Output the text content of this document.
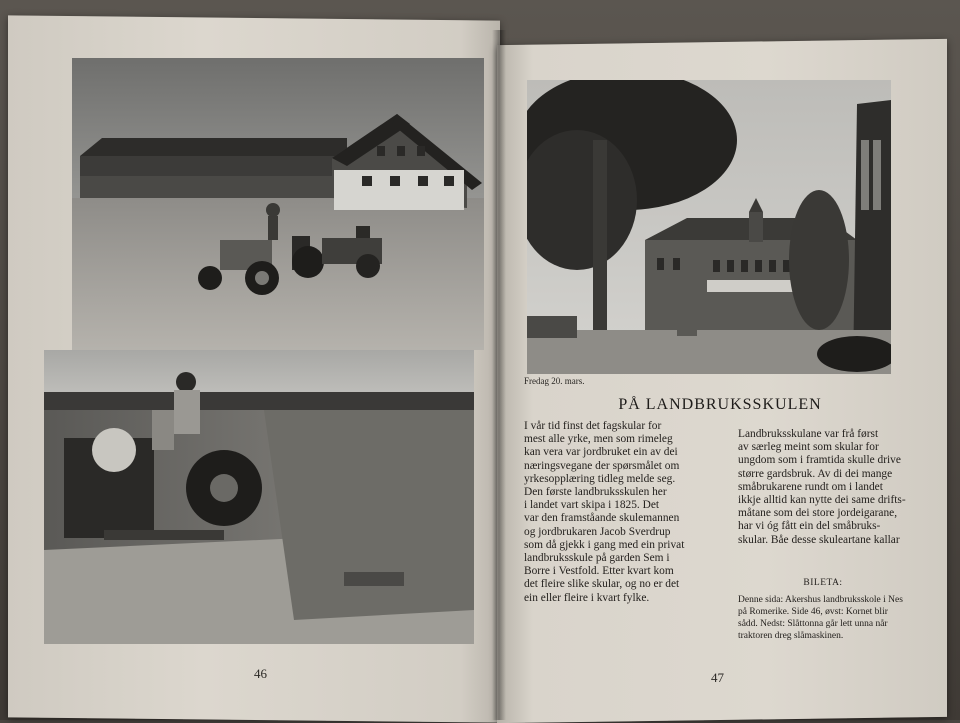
46	47
Fredag 20. mars.
PÅ LANDBRUKSSKULEN
I vår tid finst det fagskular for
mest alle yrke, men som rimeleg
kan vera var jordbruket ein av dei
næringsvegane der spørsmålet om
yrkesopplæring tidleg melde seg.
Den første landbruksskulen her
i landet vart skipa i 1825. Det
var den framståande skulemannen
og jordbrukaren Jacob Sverdrup
som då gjekk i gang med ein privat
landbruksskule på garden Sem i
Borre i Vestfold. Etter kvart kom
det fleire slike skular, og no er det
ein eller fleire i kvart fylke.
Landbruksskulane var frå først
av særleg meint som skular for
ungdom som i framtida skulle drive
større gardsbruk. Av di dei mange
småbrukarene rundt om i landet
ikkje alltid kan nytte dei same drifts-
måtane som dei store jordeigarane,
har vi óg fått ein del småbruks-
skular. Båe desse skuleartane kallar
BILETA:
Denne sida: Akershus landbruksskole i Nes
på Romerike. Side 46, øvst: Kornet blir
sådd. Nedst: Slåttonna går lett unna når
traktoren dreg slåmaskinen.
